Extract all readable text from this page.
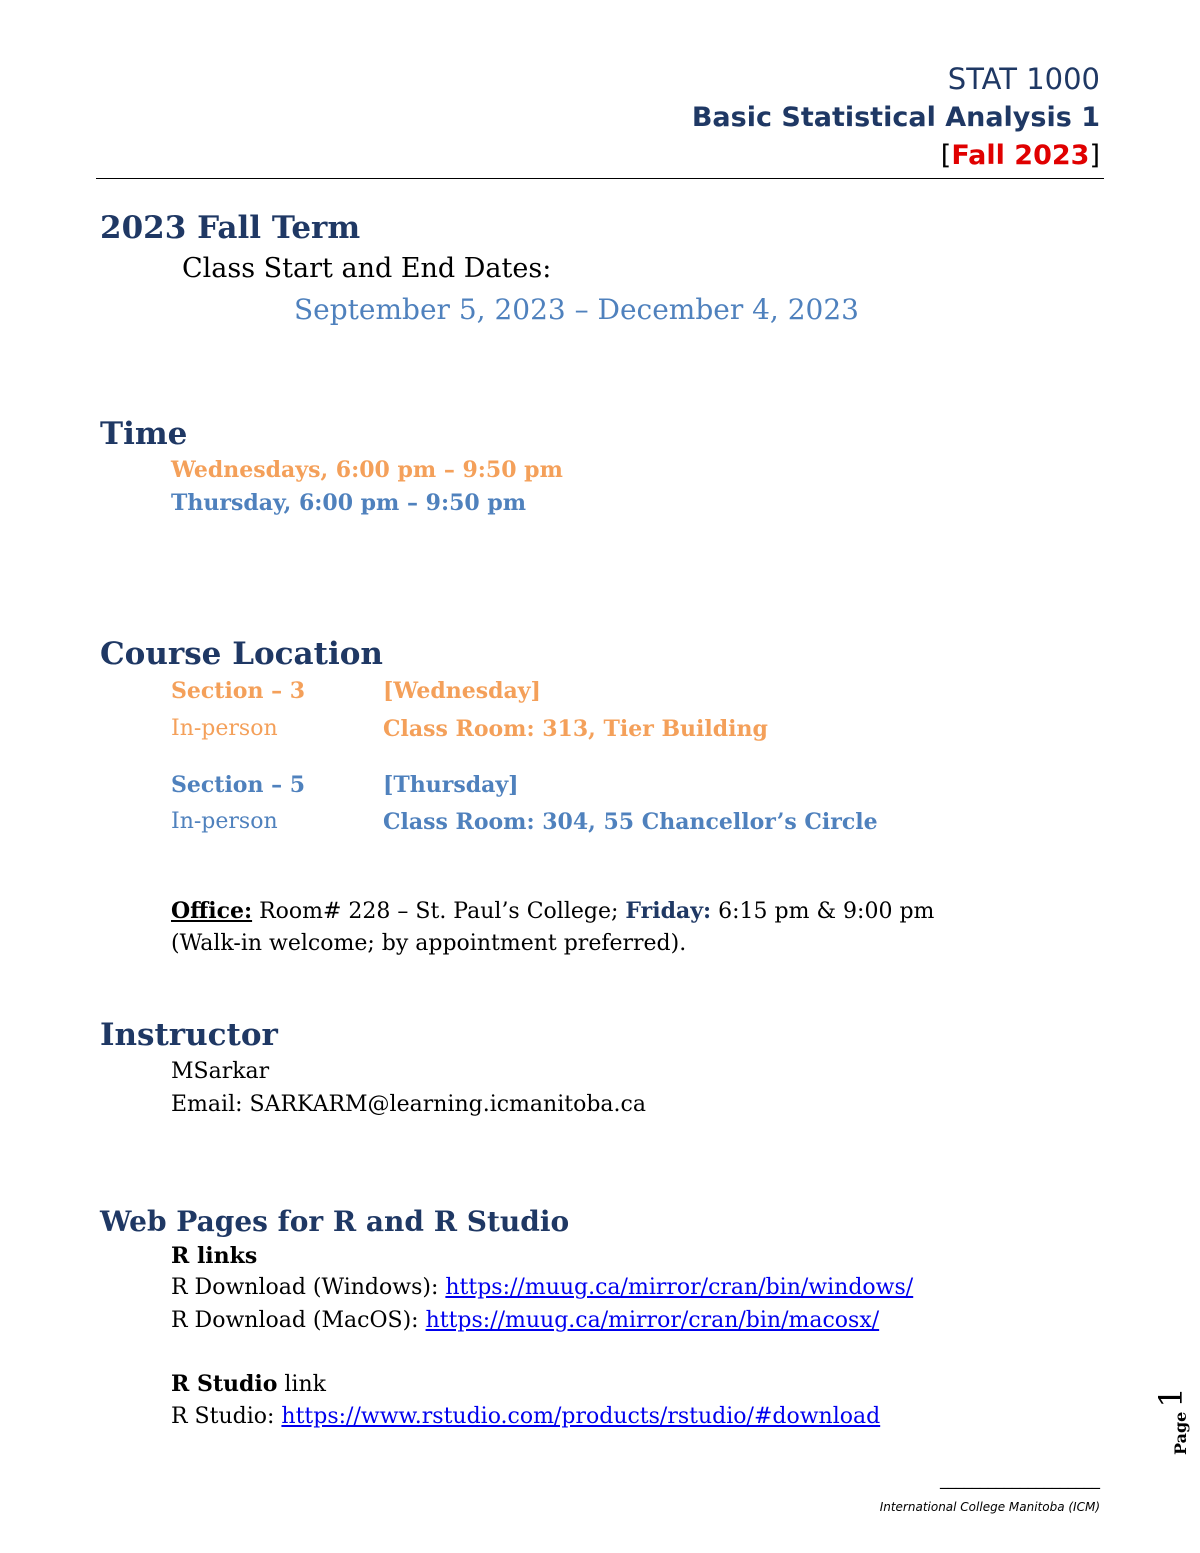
STAT 1000
Basic Statistical Analysis 1
[Fall 2023]
2023 Fall Term
Class Start and End Dates:
September 5, 2023 – December 4, 2023
Time
Wednesdays, 6:00 pm – 9:50 pm
Thursday, 6:00 pm – 9:50 pm
Course Location
Section – 3	[Wednesday]
In-person	Class Room: 313, Tier Building
Section – 5	[Thursday]
In-person	Class Room: 304, 55 Chancellor’s Circle
Office: Room# 228 – St. Paul’s College; Friday: 6:15 pm & 9:00 pm
(Walk-in welcome; by appointment preferred).
Instructor
MSarkar
Email: SARKARM@learning.icmanitoba.ca
Web Pages for R and R Studio
R links
R Download (Windows): https://muug.ca/mirror/cran/bin/windows/
R Download (MacOS): https://muug.ca/mirror/cran/bin/macosx/
R Studio link
R Studio: https://www.rstudio.com/products/rstudio/#download	Page
1
____________________
International College Manitoba (ICM)
